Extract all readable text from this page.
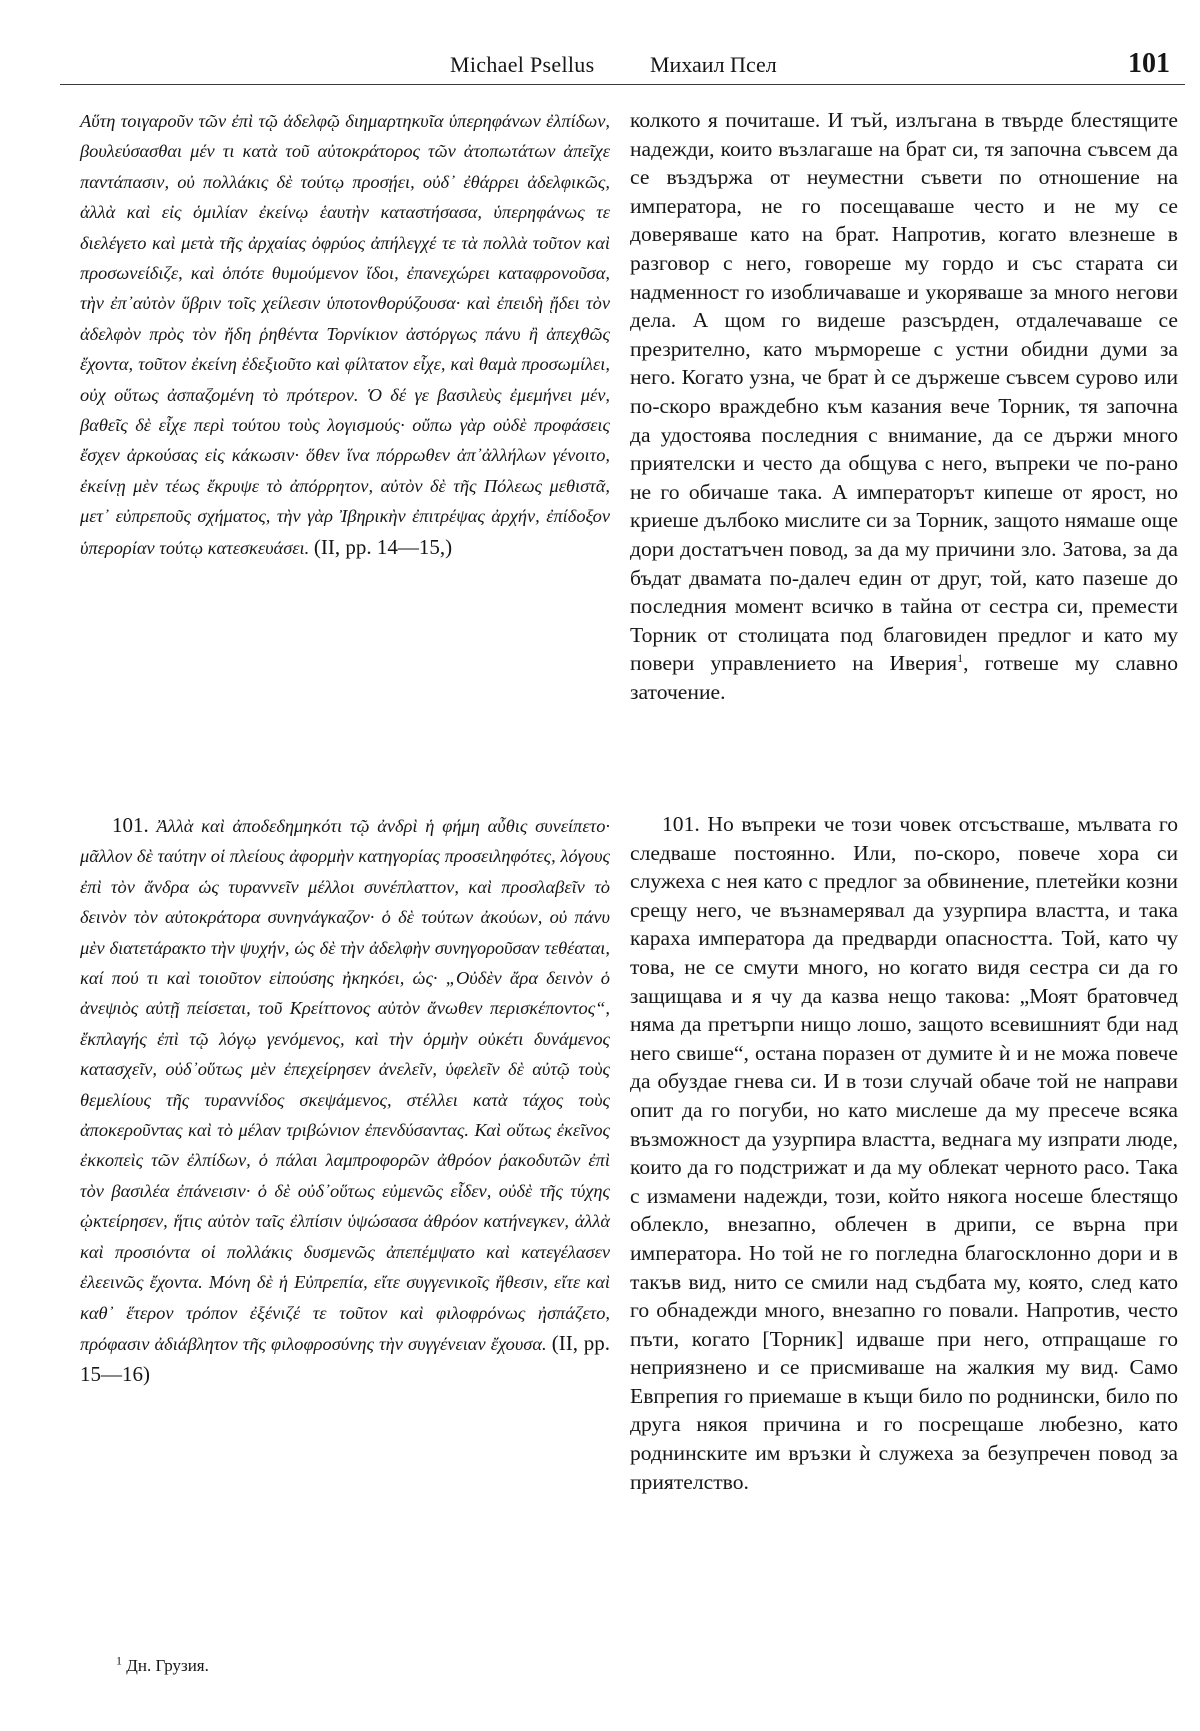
Michael Psellus	Михаил Псел	101

Αὕτη τοιγαροῦν τῶν ἐπὶ τῷ ἀδελφῷ διημαρτηκυῖα ὑπερηφάνων ἐλπίδων, βουλεύσασθαι μέν τι κατὰ τοῦ αὐτοκράτορος τῶν ἀτοπωτάτων ἀπεῖχε παντάπασιν, οὐ πολλάκις δὲ τούτῳ προσῄει, οὐδ᾽ ἐθάρρει ἀδελφικῶς, ἀλλὰ καὶ εἰς ὁμιλίαν ἐκείνῳ ἑαυτὴν καταστήσασα, ὑπερηφάνως τε διελέγετο καὶ μετὰ τῆς ἀρχαίας ὀφρύος ἀπήλεγχέ τε τὰ πολλὰ τοῦτον καὶ προσωνείδιζε, καὶ ὁπότε θυμούμενον ἴδοι, ἐπανεχώρει καταφρονοῦσα, τὴν ἐπ᾽αὐτὸν ὕβριν τοῖς χείλεσιν ὑποτονθορύζουσα· καὶ ἐπειδὴ ᾔδει τὸν ἀδελφὸν πρὸς τὸν ἤδη ῥηθέντα Τορνίκιον ἀστόργως πάνυ ἢ ἀπεχθῶς ἔχοντα, τοῦτον ἐκείνη ἐδεξιοῦτο καὶ φίλτατον εἶχε, καὶ θαμὰ προσωμίλει, οὐχ οὕτως ἀσπαζομένη τὸ πρότερον. Ὁ δέ γε βασιλεὺς ἐμεμήνει μέν, βαθεῖς δὲ εἶχε περὶ τούτου τοὺς λογισμούς· οὔπω γὰρ οὐδὲ προφάσεις ἔσχεν ἀρκούσας εἰς κάκωσιν· ὅθεν ἵνα πόρρωθεν ἀπ᾽ἀλλήλων γένοιτο, ἐκείνῃ μὲν τέως ἔκρυψε τὸ ἀπόρρητον, αὐτὸν δὲ τῆς Πόλεως μεθιστᾶ, μετ᾽ εὐπρεποῦς σχήματος, τὴν γὰρ Ἰβηρικὴν ἐπιτρέψας ἀρχήν, ἐπίδοξον ὑπερορίαν τούτῳ κατεσκευάσει. (II, pp. 14—15,)

101. Ἀλλὰ καὶ ἀποδεδημηκότι τῷ ἀνδρὶ ἡ φήμη αὖθις συνείπετο· μᾶλλον δὲ ταύτην οἱ πλείους ἀφορμὴν κατηγορίας προσειληφότες, λόγους ἐπὶ τὸν ἄνδρα ὡς τυραννεῖν μέλλοι συνέπλαττον, καὶ προσλαβεῖν τὸ δεινὸν τὸν αὐτοκράτορα συνηνάγκαζον· ὁ δὲ τούτων ἀκούων, οὐ πάνυ μὲν διατετάρακτο τὴν ψυχήν, ὡς δὲ τὴν ἀδελφὴν συνηγοροῦσαν τεθέαται, καί πού τι καὶ τοιοῦτον εἰπούσης ἠκηκόει, ὡς· „Οὐδὲν ἄρα δεινὸν ὁ ἀνεψιὸς αὐτῇ πείσεται, τοῦ Κρείττονος αὐτὸν ἄνωθεν περισκέποντος“, ἔκπλαγής ἐπὶ τῷ λόγῳ γενόμενος, καὶ τὴν ὁρμὴν οὐκέτι δυνάμενος κατασχεῖν, οὐδ᾽οὕτως μὲν ἐπεχείρησεν ἀνελεῖν, ὑφελεῖν δὲ αὐτῷ τοὺς θεμελίους τῆς τυραννίδος σκεψάμενος, στέλλει κατὰ τάχος τοὺς ἀποκεροῦντας καὶ τὸ μέλαν τριβώνιον ἐπενδύσαντας. Καὶ οὕτως ἐκεῖνος ἐκκοπεὶς τῶν ἐλπίδων, ὁ πάλαι λαμπροφορῶν ἀθρόον ῥακοδυτῶν ἐπὶ τὸν βασιλέα ἐπάνεισιν· ὁ δὲ οὐδ᾽οὕτως εὐμενῶς εἶδεν, οὐδὲ τῆς τύχης ᾠκτείρησεν, ἥτις αὐτὸν ταῖς ἐλπίσιν ὑψώσασα ἀθρόον κατήνεγκεν, ἀλλὰ καὶ προσιόντα οἱ πολλάκις δυσμενῶς ἀπεπέμψατο καὶ κατεγέλασεν ἐλεεινῶς ἔχοντα. Μόνη δὲ ἡ Εὐπρεπία, εἴτε συγγενικοῖς ἤθεσιν, εἴτε καὶ καθ᾽ ἕτερον τρόπον ἐξένιζέ τε τοῦτον καὶ φιλοφρόνως ἠσπάζετο, πρόφασιν ἀδιάβλητον τῆς φιλοφροσύνης τὴν συγγένειαν ἔχουσα. (II, pp. 15—16)

колкото я почиташе. И тъй, излъгана в твърде блестящите надежди, които възлагаше на брат си, тя започна съвсем да се въздържа от неуместни съвети по отношение на императора, не го посещаваше често и не му се доверяваше като на брат. Напротив, когато влезнеше в разговор с него, говореше му гордо и със старата си надменност го изобличаваше и укоряваше за много негови дела. А щом го видеше разсърден, отдалечаваше се презрително, като мърмореше с устни обидни думи за него. Когато узна, че брат ѝ се държеше съвсем сурово или по-скоро враждебно към казания вече Торник, тя започна да удостоява последния с внимание, да се държи много приятелски и често да общува с него, въпреки че по-рано не го обичаше така. А императорът кипеше от ярост, но криеше дълбоко мислите си за Торник, защото нямаше още дори достатъчен повод, за да му причини зло. Затова, за да бъдат двамата по-далеч един от друг, той, като пазеше до последния момент всичко в тайна от сестра си, премести Торник от столицата под благовиден предлог и като му повери управлението на Иверия$^1$, готвеше му славно заточение.

101. Но въпреки че този човек отсъстваше, мълвата го следваше постоянно. Или, по-скоро, повече хора си служеха с нея като с предлог за обвинение, плетейки козни срещу него, че възнамерявал да узурпира властта, и така караха императора да предварди опасността. Той, като чу това, не се смути много, но когато видя сестра си да го защищава и я чу да казва нещо такова: „Моят братовчед няма да претърпи нищо лошо, защото всевишният бди над него свише“, остана поразен от думите ѝ и не можа повече да обуздае гнева си. И в този случай обаче той не направи опит да го погуби, но като мислеше да му пресече всяка възможност да узурпира властта, веднага му изпрати люде, които да го подстрижат и да му облекат черното расо. Така с измамени надежди, този, който някога носеше блестящо облекло, внезапно, облечен в дрипи, се върна при императора. Но той не го погледна благосклонно дори и в такъв вид, нито се смили над съдбата му, която, след като го обнадежди много, внезапно го повали. Напротив, често пъти, когато [Торник] идваше при него, отпращаше го неприязнено и се присмиваше на жалкия му вид. Само Евпрепия го приемаше в къщи било по роднински, било по друга някоя причина и го посрещаше любезно, като роднинските им връзки ѝ служеха за безупречен повод за приятелство.

$^1$ Дн. Грузия.
